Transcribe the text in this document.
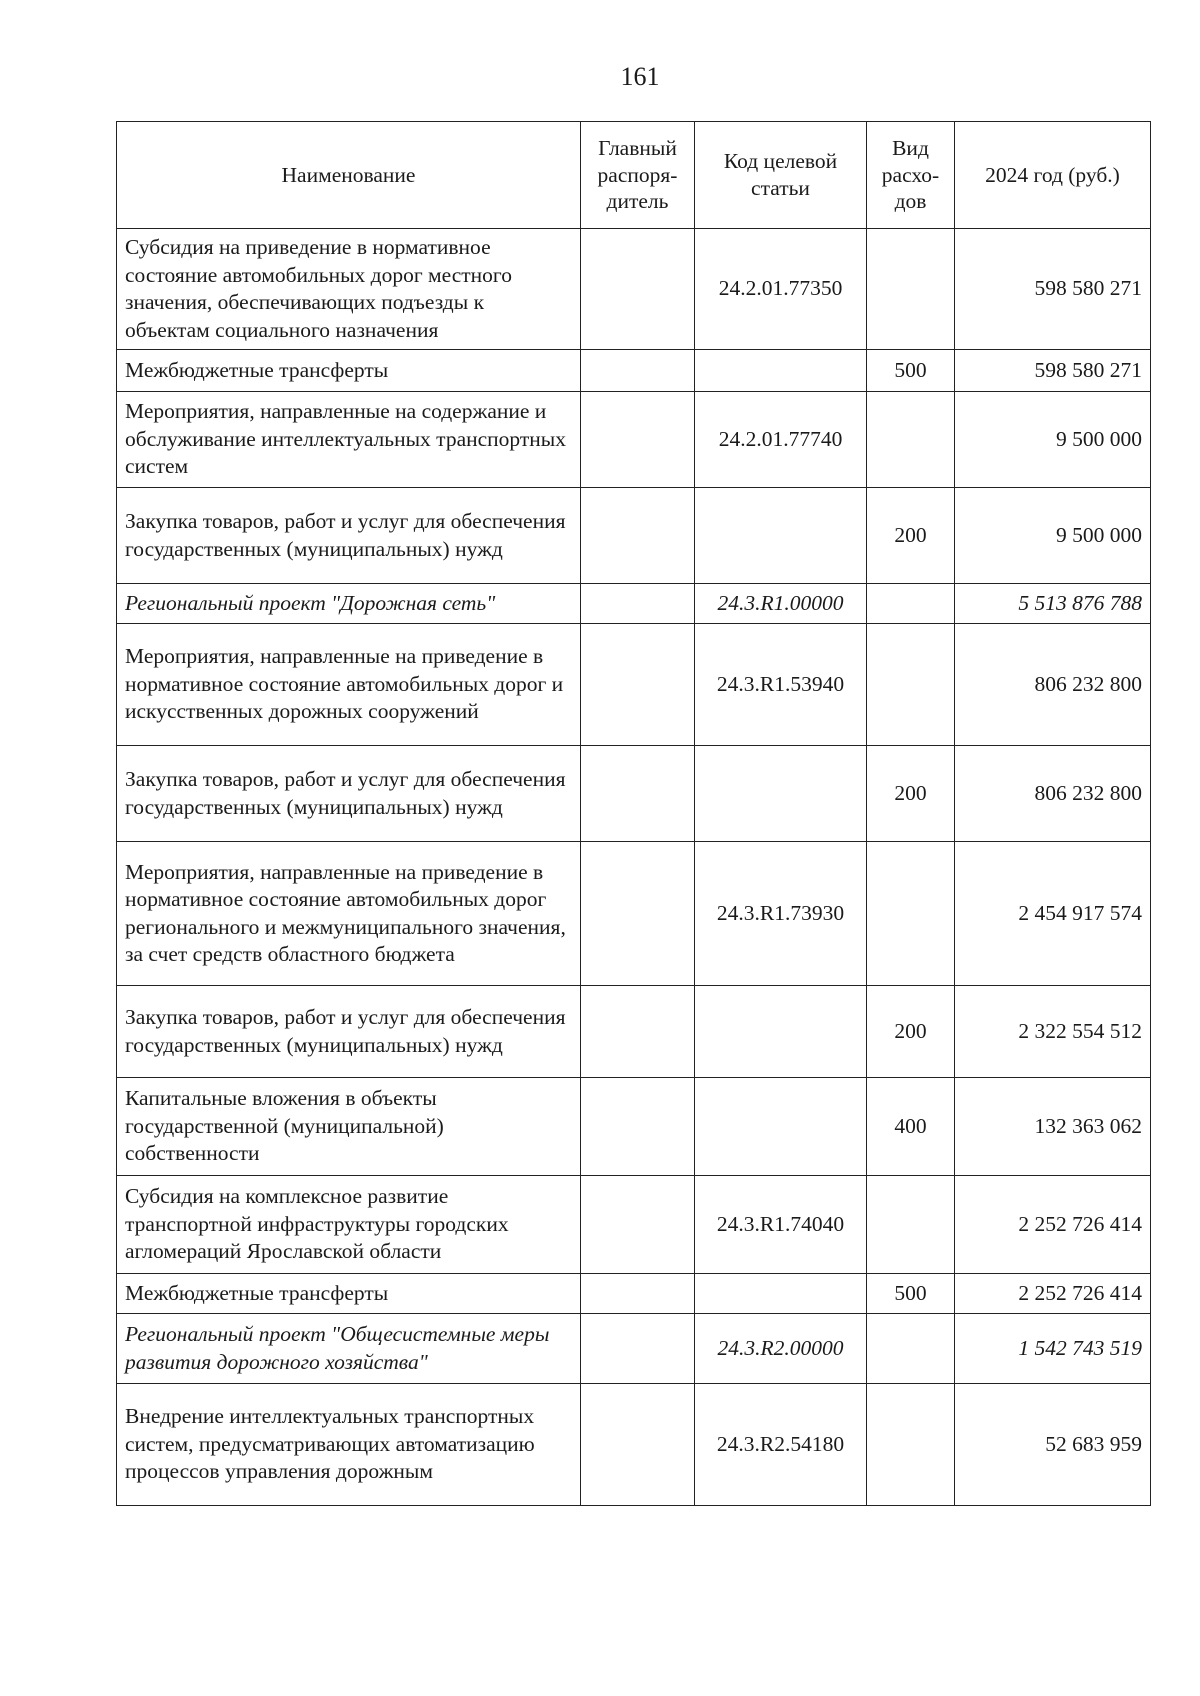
161
Наименование	Главный распоря-дитель	Код целевой статьи	Вид расхо-дов	2024 год (руб.)
Субсидия на приведение в нормативное состояние автомобильных дорог местного значения, обеспечивающих подъезды к объектам социального назначения		24.2.01.77350		598 580 271
Межбюджетные трансферты			500	598 580 271
Мероприятия, направленные на содержание и обслуживание интеллектуальных транспортных систем		24.2.01.77740		9 500 000
Закупка товаров, работ и услуг для обеспечения государственных (муниципальных) нужд			200	9 500 000
Региональный проект "Дорожная сеть"		24.3.R1.00000		5 513 876 788
Мероприятия, направленные на приведение в нормативное состояние автомобильных дорог и искусственных дорожных сооружений		24.3.R1.53940		806 232 800
Закупка товаров, работ и услуг для обеспечения государственных (муниципальных) нужд			200	806 232 800
Мероприятия, направленные на приведение в нормативное состояние автомобильных дорог регионального и межмуниципального значения, за счет средств областного бюджета		24.3.R1.73930		2 454 917 574
Закупка товаров, работ и услуг для обеспечения государственных (муниципальных) нужд			200	2 322 554 512
Капитальные вложения в объекты государственной (муниципальной) собственности			400	132 363 062
Субсидия на комплексное развитие транспортной инфраструктуры городских агломераций Ярославской области		24.3.R1.74040		2 252 726 414
Межбюджетные трансферты			500	2 252 726 414
Региональный проект "Общесистемные меры развития дорожного хозяйства"		24.3.R2.00000		1 542 743 519
Внедрение интеллектуальных транспортных систем, предусматривающих автоматизацию процессов управления дорожным		24.3.R2.54180		52 683 959
